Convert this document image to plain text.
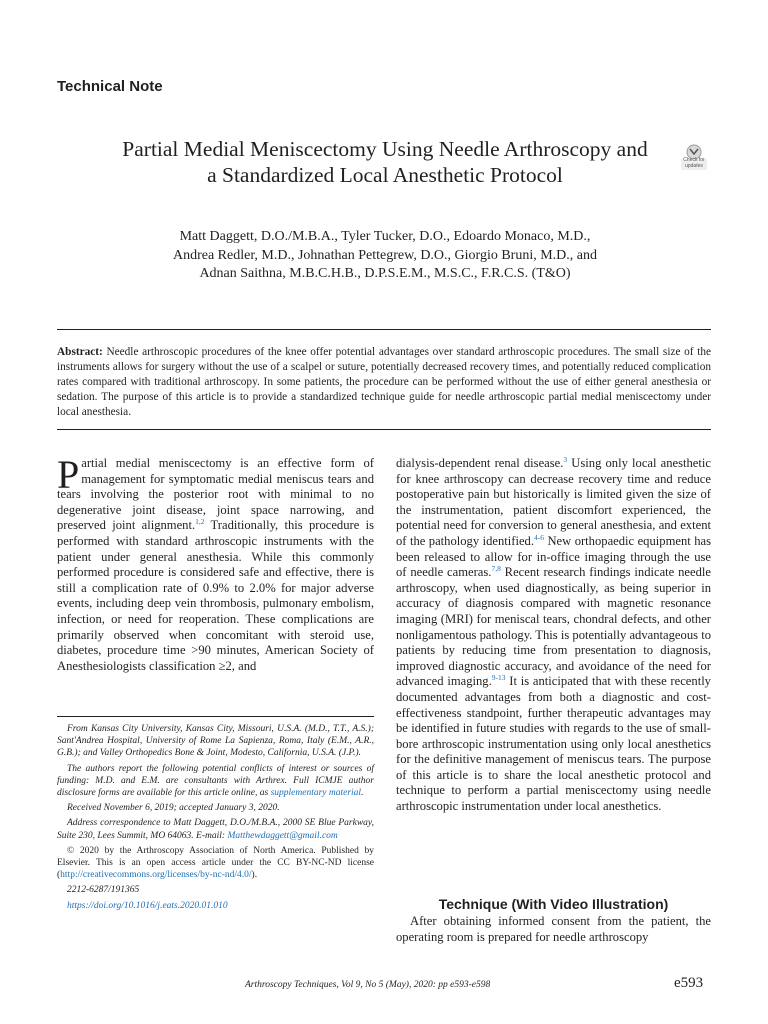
Technical Note
Partial Medial Meniscectomy Using Needle Arthroscopy and a Standardized Local Anesthetic Protocol
Check for
updates
Matt Daggett, D.O./M.B.A., Tyler Tucker, D.O., Edoardo Monaco, M.D.,
Andrea Redler, M.D., Johnathan Pettegrew, D.O., Giorgio Bruni, M.D., and
Adnan Saithna, M.B.C.H.B., D.P.S.E.M., M.S.C., F.R.C.S. (T&O)
Abstract: Needle arthroscopic procedures of the knee offer potential advantages over standard arthroscopic procedures. The small size of the instruments allows for surgery without the use of a scalpel or suture, potentially decreased recovery times, and potentially reduced complication rates compared with traditional arthroscopy. In some patients, the procedure can be performed without the use of either general anesthesia or sedation. The purpose of this article is to provide a standardized technique guide for needle arthroscopic partial medial meniscectomy under local anesthesia.
Partial medial meniscectomy is an effective form of management for symptomatic medial meniscus tears and tears involving the posterior root with minimal to no degenerative joint disease, joint space narrowing, and preserved joint alignment.$^{1,2}$ Traditionally, this procedure is performed with standard arthroscopic instruments with the patient under general anesthesia. While this commonly performed procedure is considered safe and effective, there is still a complication rate of 0.9% to 2.0% for major adverse events, including deep vein thrombosis, pulmonary embolism, infection, or need for reoperation. These complications are primarily observed when concomitant with steroid use, diabetes, procedure time >90 minutes, American Society of Anesthesiologists classification ≥2, and

From Kansas City University, Kansas City, Missouri, U.S.A. (M.D., T.T., A.S.); Sant'Andrea Hospital, University of Rome La Sapienza, Roma, Italy (E.M., A.R., G.B.); and Valley Orthopedics Bone & Joint, Modesto, California, U.S.A. (J.P.).

The authors report the following potential conflicts of interest or sources of funding: M.D. and E.M. are consultants with Arthrex. Full ICMJE author disclosure forms are available for this article online, as supplementary material.

Received November 6, 2019; accepted January 3, 2020.

Address correspondence to Matt Daggett, D.O./M.B.A., 2000 SE Blue Parkway, Suite 230, Lees Summit, MO 64063. E-mail: Matthewdaggett@gmail.com

© 2020 by the Arthroscopy Association of North America. Published by Elsevier. This is an open access article under the CC BY-NC-ND license (http://creativecommons.org/licenses/by-nc-nd/4.0/).

2212-6287/191365

https://doi.org/10.1016/j.eats.2020.01.010

dialysis-dependent renal disease.$^3$ Using only local anesthetic for knee arthroscopy can decrease recovery time and reduce postoperative pain but historically is limited given the size of the instrumentation, patient discomfort experienced, the potential need for conversion to general anesthesia, and extent of the pathology identified.$^{4-6}$ New orthopaedic equipment has been released to allow for in-office imaging through the use of needle cameras.$^{7,8}$ Recent research findings indicate needle arthroscopy, when used diagnostically, as being superior in accuracy of diagnosis compared with magnetic resonance imaging (MRI) for meniscal tears, chondral defects, and other nonligamentous pathology. This is potentially advantageous to patients by reducing time from presentation to diagnosis, improved diagnostic accuracy, and avoidance of the need for advanced imaging.$^{9-13}$ It is anticipated that with these recently documented advantages from both a diagnostic and cost-effectiveness standpoint, further therapeutic advantages may be identified in future studies with regards to the use of small-bore arthroscopic instrumentation using only local anesthetics for the definitive management of meniscus tears. The purpose of this article is to share the local anesthetic protocol and technique to perform a partial meniscectomy using needle arthroscopic instrumentation under local anesthetics.
Technique (With Video Illustration)
After obtaining informed consent from the patient, the operating room is prepared for needle arthroscopy
Arthroscopy Techniques, Vol 9, No 5 (May), 2020: pp e593-e598	e593
